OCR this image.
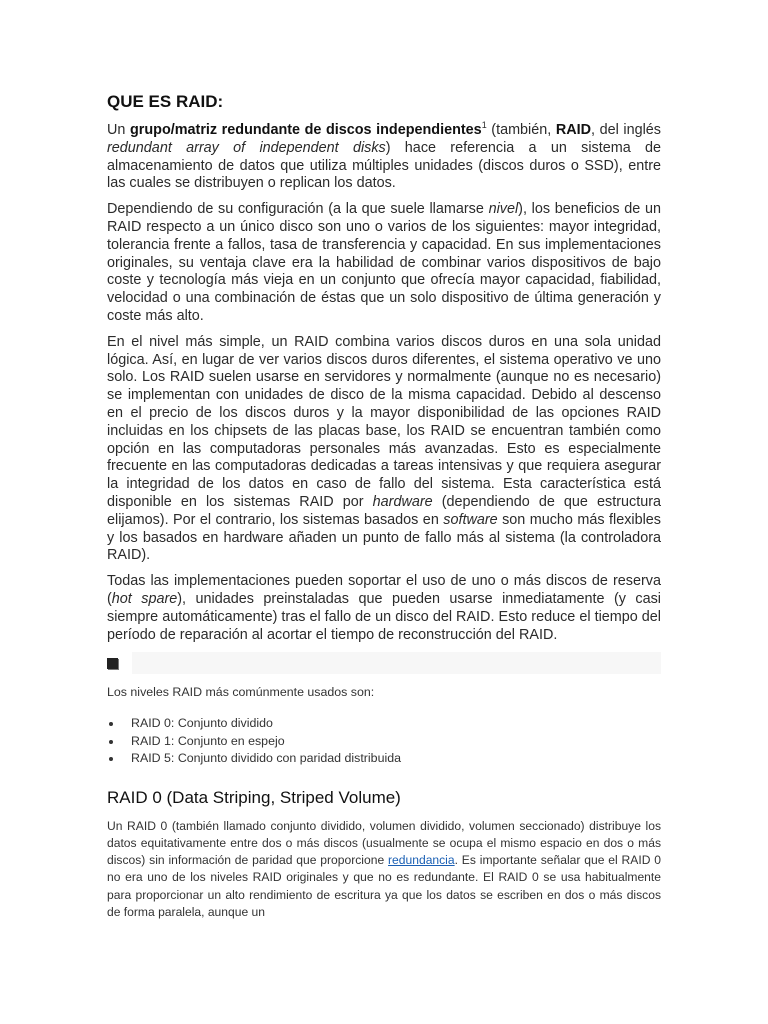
QUE ES RAID:

Un grupo/matriz redundante de discos independientes$^1$ (también, RAID, del inglés redundant array of independent disks) hace referencia a un sistema de almacenamiento de datos que utiliza múltiples unidades (discos duros o SSD), entre las cuales se distribuyen o replican los datos.

Dependiendo de su configuración (a la que suele llamarse nivel), los beneficios de un RAID respecto a un único disco son uno o varios de los siguientes: mayor integridad, tolerancia frente a fallos, tasa de transferencia y capacidad. En sus implementaciones originales, su ventaja clave era la habilidad de combinar varios dispositivos de bajo coste y tecnología más vieja en un conjunto que ofrecía mayor capacidad, fiabilidad, velocidad o una combinación de éstas que un solo dispositivo de última generación y coste más alto.

En el nivel más simple, un RAID combina varios discos duros en una sola unidad lógica. Así, en lugar de ver varios discos duros diferentes, el sistema operativo ve uno solo. Los RAID suelen usarse en servidores y normalmente (aunque no es necesario) se implementan con unidades de disco de la misma capacidad. Debido al descenso en el precio de los discos duros y la mayor disponibilidad de las opciones RAID incluidas en los chipsets de las placas base, los RAID se encuentran también como opción en las computadoras personales más avanzadas. Esto es especialmente frecuente en las computadoras dedicadas a tareas intensivas y que requiera asegurar la integridad de los datos en caso de fallo del sistema. Esta característica está disponible en los sistemas RAID por hardware (dependiendo de que estructura elijamos). Por el contrario, los sistemas basados en software son mucho más flexibles y los basados en hardware añaden un punto de fallo más al sistema (la controladora RAID).

Todas las implementaciones pueden soportar el uso de uno o más discos de reserva (hot spare), unidades preinstaladas que pueden usarse inmediatamente (y casi siempre automáticamente) tras el fallo de un disco del RAID. Esto reduce el tiempo del período de reparación al acortar el tiempo de reconstrucción del RAID.

Los niveles RAID más comúnmente usados son:

RAID 0: Conjunto dividido
RAID 1: Conjunto en espejo
RAID 5: Conjunto dividido con paridad distribuida
RAID 0 (Data Striping, Striped Volume)

Un RAID 0 (también llamado conjunto dividido, volumen dividido, volumen seccionado) distribuye los datos equitativamente entre dos o más discos (usualmente se ocupa el mismo espacio en dos o más discos) sin información de paridad que proporcione redundancia. Es importante señalar que el RAID 0 no era uno de los niveles RAID originales y que no es redundante. El RAID 0 se usa habitualmente para proporcionar un alto rendimiento de escritura ya que los datos se escriben en dos o más discos de forma paralela, aunque un
